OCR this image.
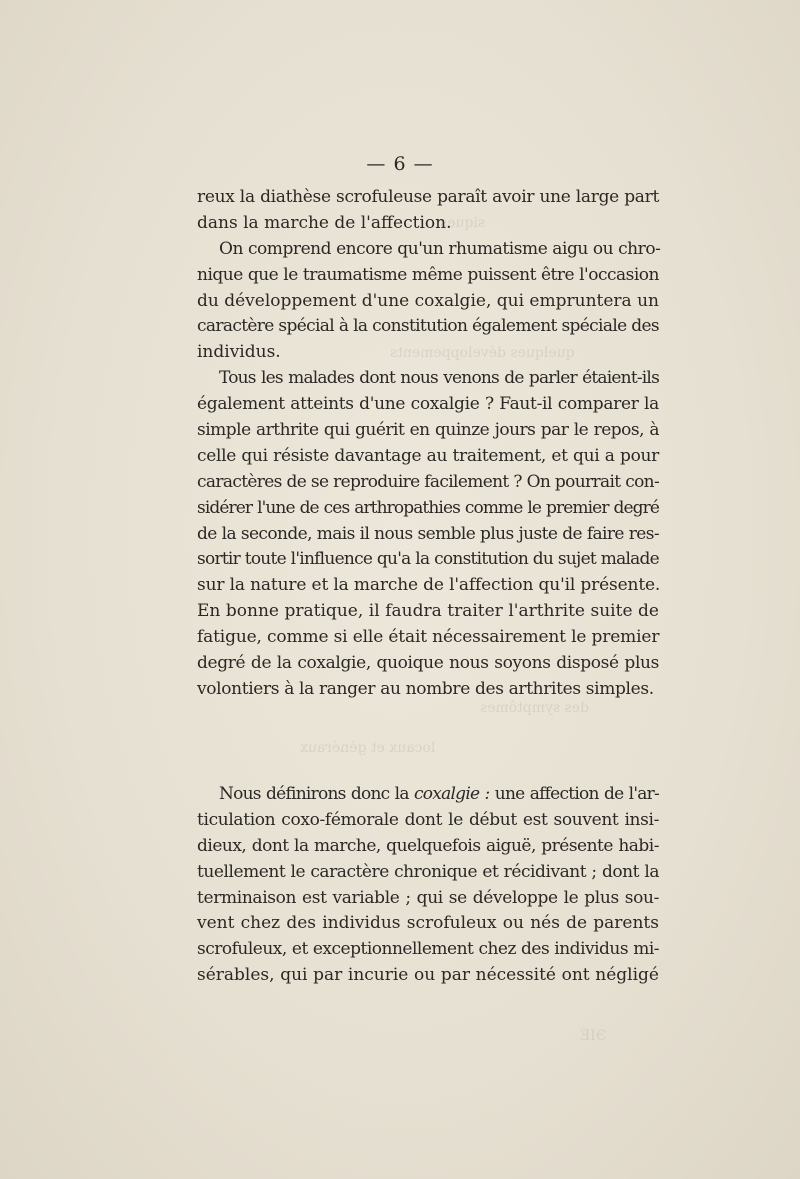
siques
quelques développements
des symptômes
locaux et généraux
ЭІЕ
— 6 —
reux la diathèse scrofuleuse paraît avoir une large part
dans la marche de l'affection.
On comprend encore qu'un rhumatisme aigu ou chro-
nique que le traumatisme même puissent être l'occasion
du développement d'une coxalgie, qui empruntera un
caractère spécial à la constitution également spéciale des
individus.
Tous les malades dont nous venons de parler étaient-ils
également atteints d'une coxalgie ? Faut-il comparer la
simple arthrite qui guérit en quinze jours par le repos, à
celle qui résiste davantage au traitement, et qui a pour
caractères de se reproduire facilement ? On pourrait con-
sidérer l'une de ces arthropathies comme le premier degré
de la seconde, mais il nous semble plus juste de faire res-
sortir toute l'influence qu'a la constitution du sujet malade
sur la nature et la marche de l'affection qu'il présente.
En bonne pratique, il faudra traiter l'arthrite suite de
fatigue, comme si elle était nécessairement le premier
degré de la coxalgie, quoique nous soyons disposé plus
volontiers à la ranger au nombre des arthrites simples.
Nous définirons donc la coxalgie : une affection de l'ar-
ticulation coxo-fémorale dont le début est souvent insi-
dieux, dont la marche, quelquefois aiguë, présente habi-
tuellement le caractère chronique et récidivant ; dont la
terminaison est variable ; qui se développe le plus sou-
vent chez des individus scrofuleux ou nés de parents
scrofuleux, et exceptionnellement chez des individus mi-
sérables, qui par incurie ou par nécessité ont négligé
